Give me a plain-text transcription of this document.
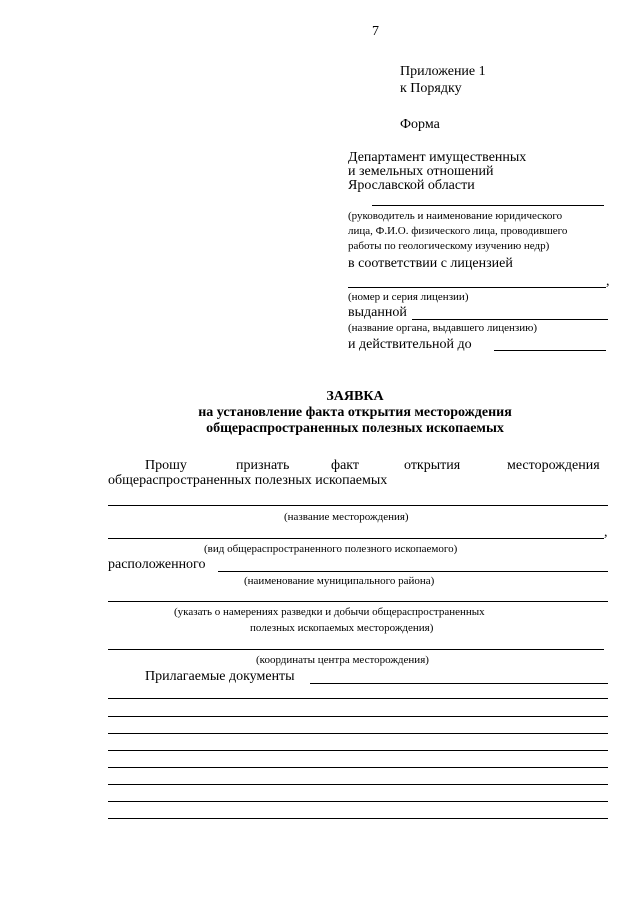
7
Приложение 1
к Порядку
Форма
Департамент имущественных
и земельных отношений
Ярославской области
(руководитель и наименование юридического
лица, Ф.И.О. физического лица, проводившего
работы по геологическому изучению недр)
в соответствии с лицензией
,
(номер и серия лицензии)
выданной
(название органа, выдавшего лицензию)
и действительной до
ЗАЯВКА
на установление факта открытия месторождения
общераспространенных полезных ископаемых
Прошу	признать	факт	открытия	месторождения
общераспространенных полезных ископаемых
(название месторождения)
,
(вид общераспространенного полезного ископаемого)
расположенного
(наименование муниципального района)
(указать о намерениях разведки и добычи общераспространенных
полезных ископаемых месторождения)
(координаты центра месторождения)
Прилагаемые документы
